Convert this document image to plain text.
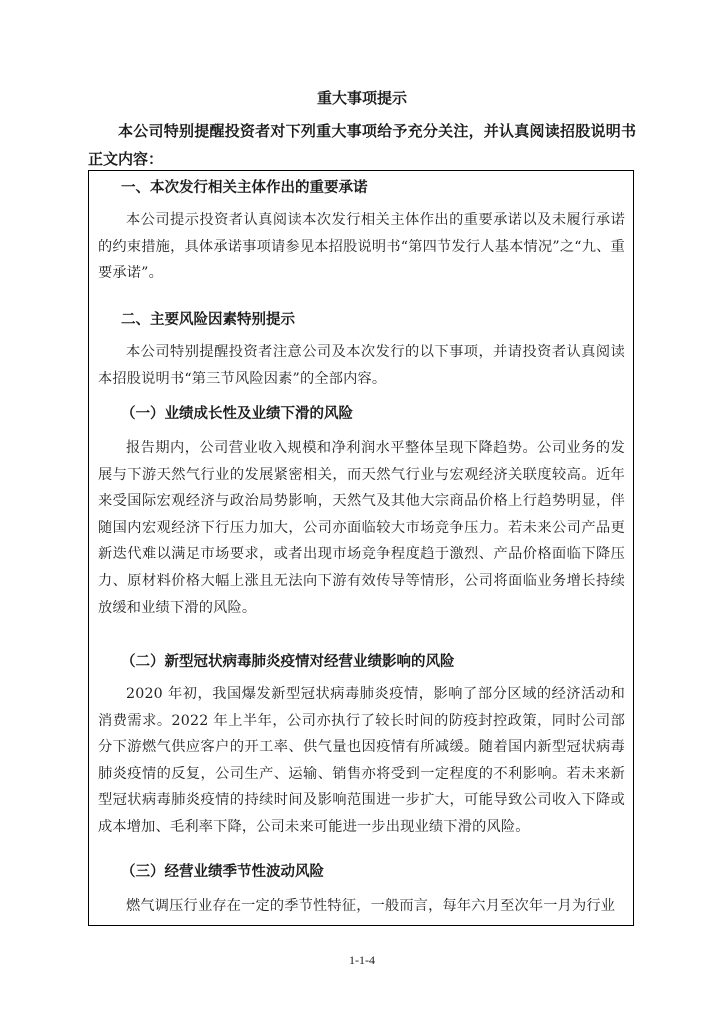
重大事项提示
本公司特别提醒投资者对下列重大事项给予充分关注，并认真阅读招股说明书正文内容：
一、本次发行相关主体作出的重要承诺
本公司提示投资者认真阅读本次发行相关主体作出的重要承诺以及未履行承诺的约束措施，具体承诺事项请参见本招股说明书“第四节发行人基本情况”之“九、重要承诺”。
二、主要风险因素特别提示
本公司特别提醒投资者注意公司及本次发行的以下事项，并请投资者认真阅读本招股说明书“第三节风险因素”的全部内容。
（一）业绩成长性及业绩下滑的风险
报告期内，公司营业收入规模和净利润水平整体呈现下降趋势。公司业务的发展与下游天然气行业的发展紧密相关，而天然气行业与宏观经济关联度较高。近年来受国际宏观经济与政治局势影响，天然气及其他大宗商品价格上行趋势明显，伴随国内宏观经济下行压力加大，公司亦面临较大市场竞争压力。若未来公司产品更新迭代难以满足市场要求，或者出现市场竞争程度趋于激烈、产品价格面临下降压力、原材料价格大幅上涨且无法向下游有效传导等情形，公司将面临业务增长持续放缓和业绩下滑的风险。
（二）新型冠状病毒肺炎疫情对经营业绩影响的风险
2020 年初，我国爆发新型冠状病毒肺炎疫情，影响了部分区域的经济活动和消费需求。2022 年上半年，公司亦执行了较长时间的防疫封控政策，同时公司部分下游燃气供应客户的开工率、供气量也因疫情有所减缓。随着国内新型冠状病毒肺炎疫情的反复，公司生产、运输、销售亦将受到一定程度的不利影响。若未来新型冠状病毒肺炎疫情的持续时间及影响范围进一步扩大，可能导致公司收入下降或成本增加、毛利率下降，公司未来可能进一步出现业绩下滑的风险。
（三）经营业绩季节性波动风险
燃气调压行业存在一定的季节性特征，一般而言，每年六月至次年一月为行业
1-1-4
